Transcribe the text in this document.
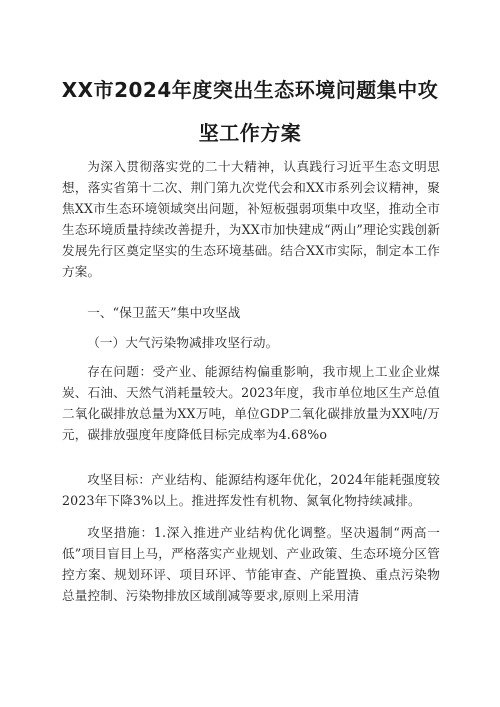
XX市2024年度突出生态环境问题集中攻
坚工作方案

为深入贯彻落实党的二十大精神，认真践行习近平生态文明思想，落实省第十二次、荆门第九次党代会和XX市系列会议精神，聚焦XX市生态环境领域突出问题，补短板强弱项集中攻坚，推动全市生态环境质量持续改善提升，为XX市加快建成“两山”理论实践创新发展先行区奠定坚实的生态环境基础。结合XX市实际，制定本工作方案。

一、“保卫蓝天”集中攻坚战

（一）大气污染物减排攻坚行动。

存在问题：受产业、能源结构偏重影响，我市规上工业企业煤炭、石油、天然气消耗量较大。2023年度，我市单位地区生产总值二氧化碳排放总量为XX万吨，单位GDP二氧化碳排放量为XX吨/万元，碳排放强度年度降低目标完成率为4.68%o

攻坚目标：产业结构、能源结构逐年优化，2024年能耗强度较2023年下降3%以上。推进挥发性有机物、氮氧化物持续减排。

攻坚措施：1.深入推进产业结构优化调整。坚决遏制“两高一低”项目盲目上马，严格落实产业规划、产业政策、生态环境分区管控方案、规划环评、项目环评、节能审查、产能置换、重点污染物总量控制、污染物排放区域削减等要求,原则上采用清
